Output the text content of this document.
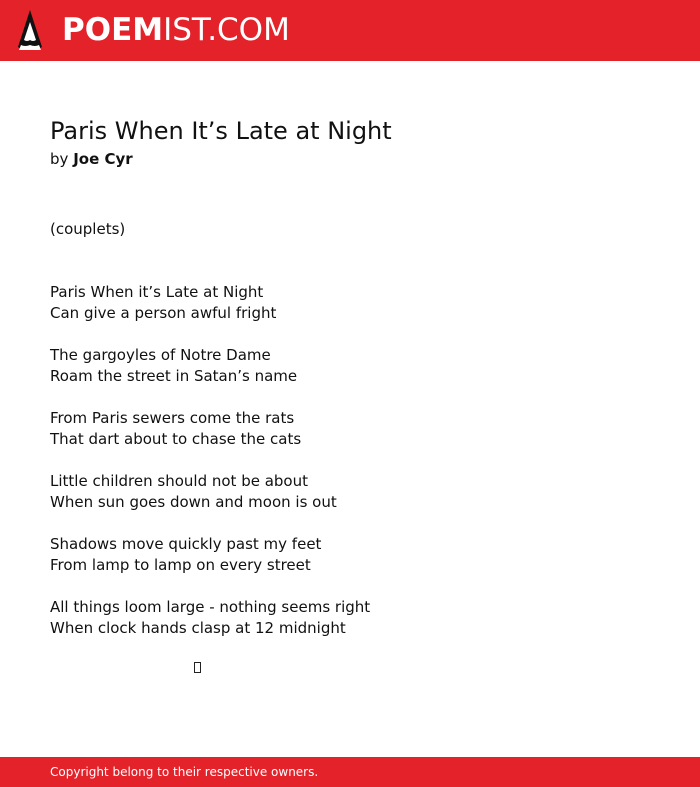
POEMIST.COM
Paris When It’s Late at Night
by Joe Cyr
(couplets)
Paris When it’s Late at Night
Can give a person awful fright
The gargoyles of Notre Dame
Roam the street in Satan’s name
From Paris sewers come the rats
That dart about to chase the cats
Little children should not be about
When sun goes down and moon is out
Shadows move quickly past my feet
From lamp to lamp on every street
All things loom large - nothing seems right
When clock hands clasp at 12 midnight
Copyright belong to their respective owners.
